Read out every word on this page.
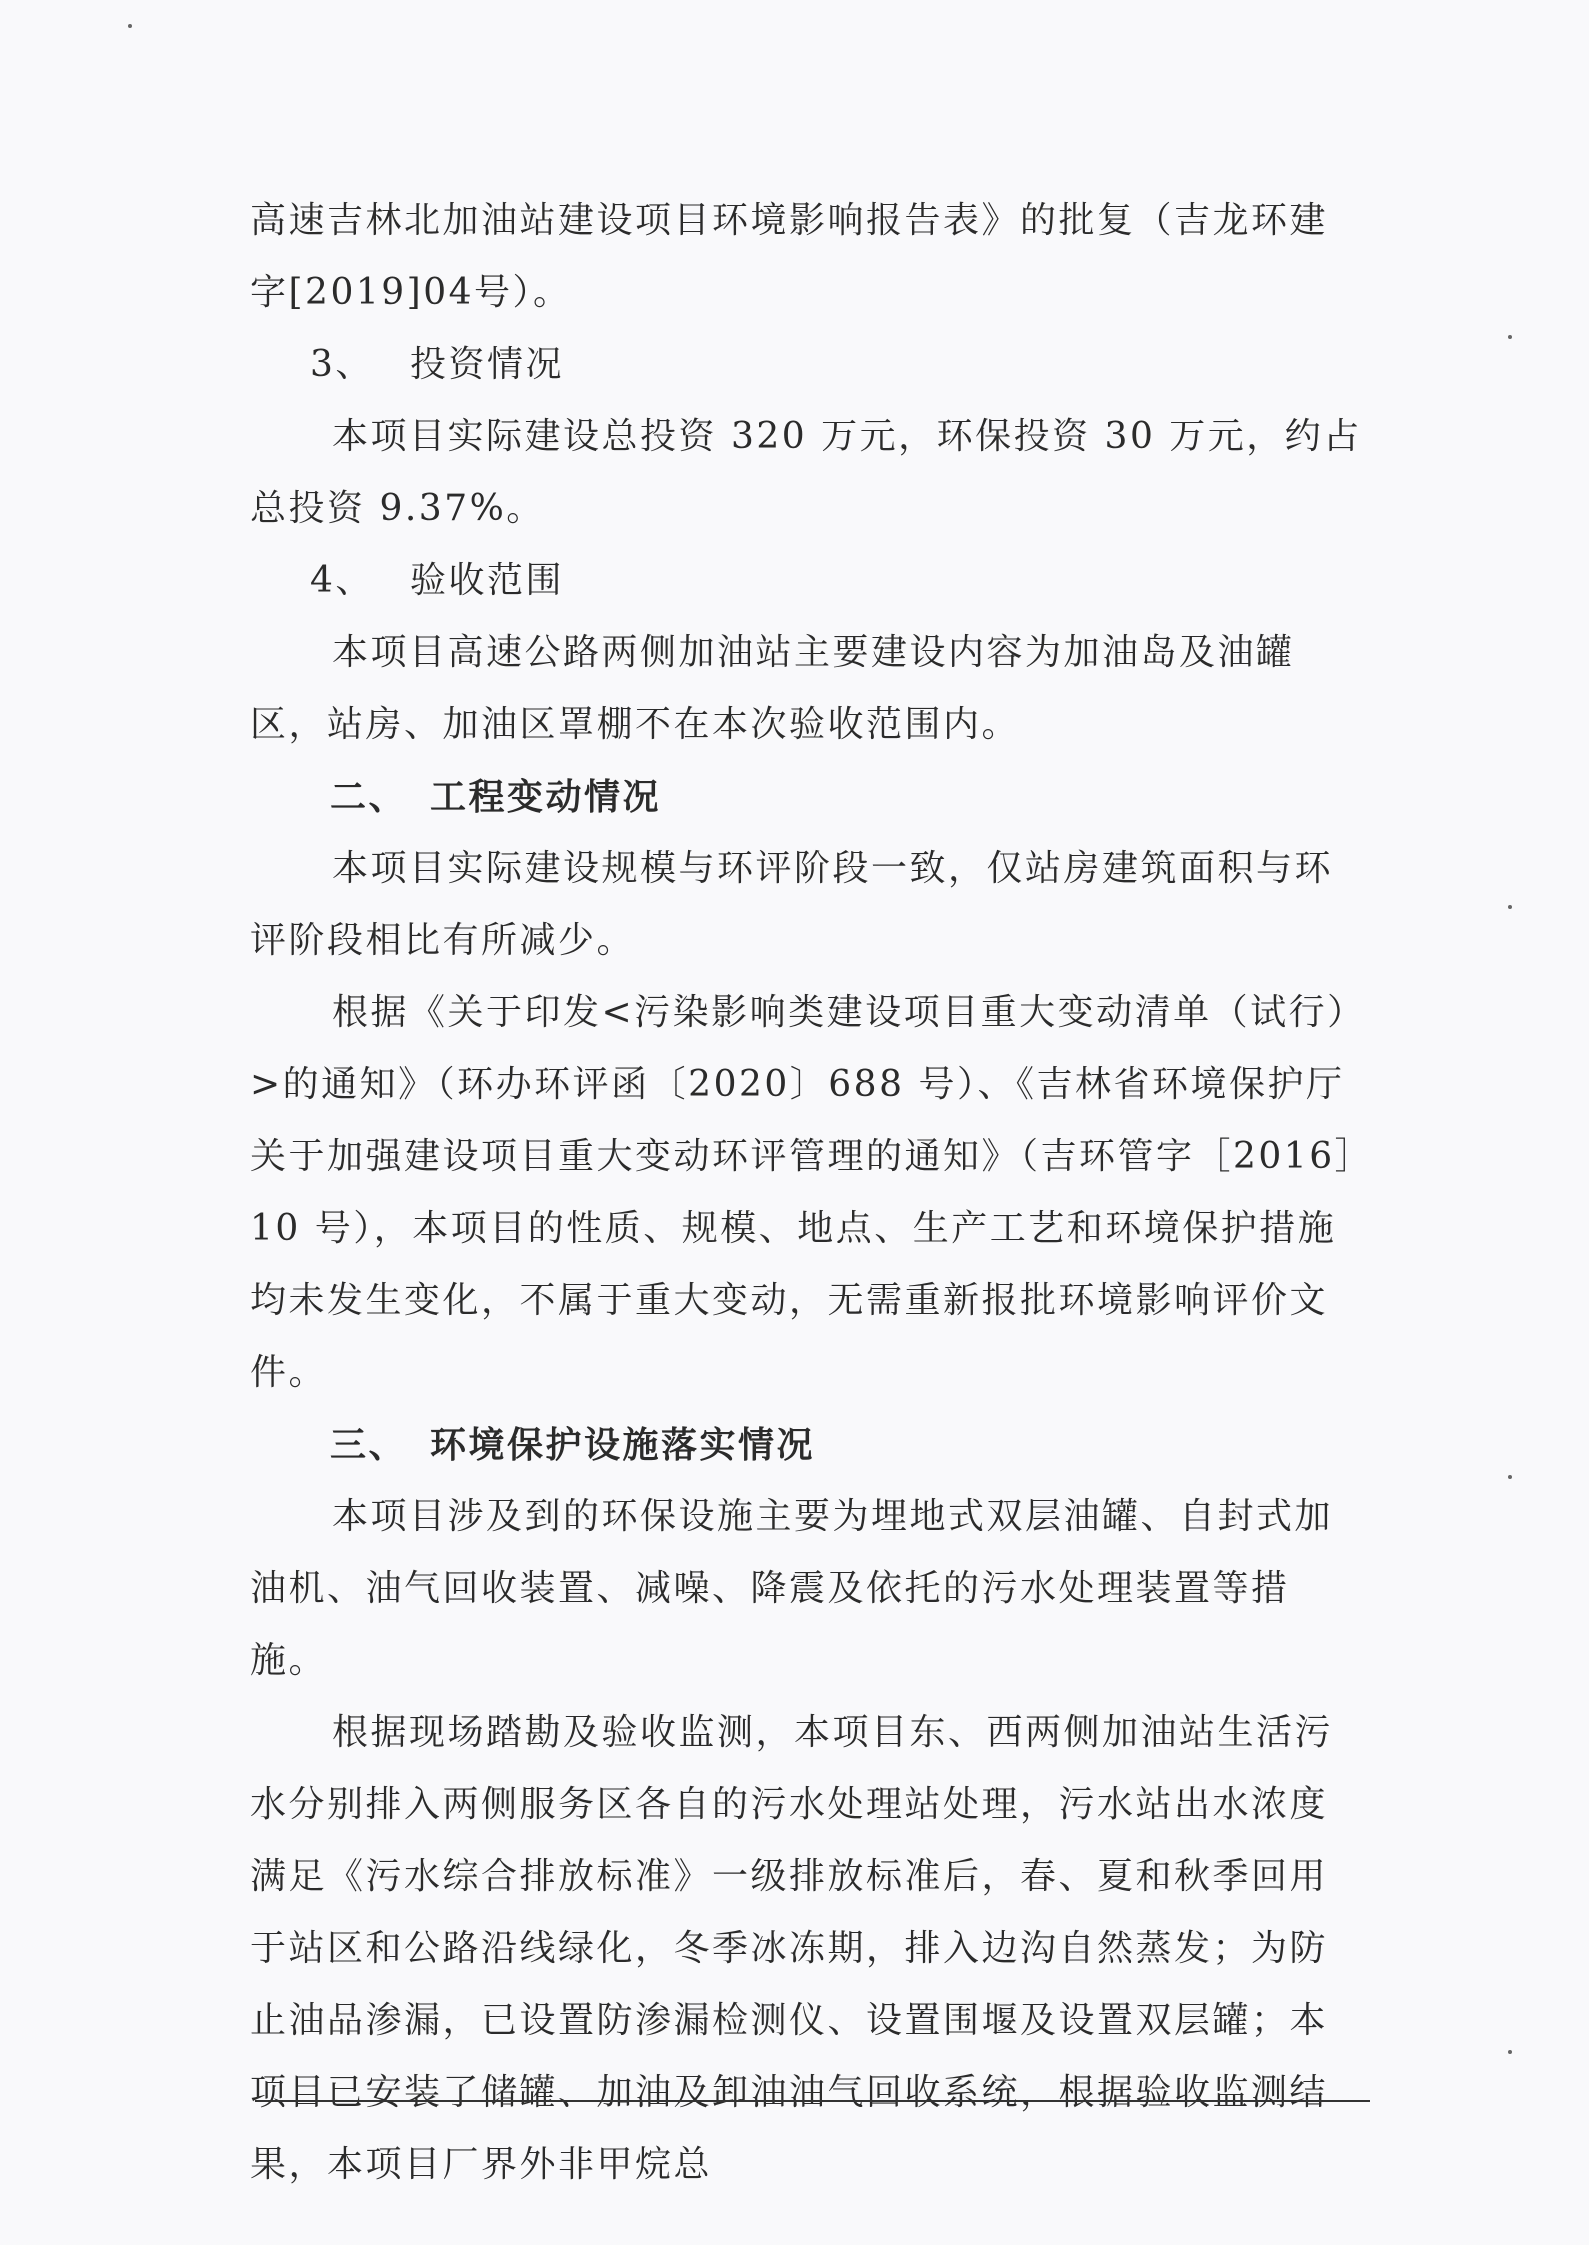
高速吉林北加油站建设项目环境影响报告表》的批复（吉龙环建字[2019]04号）。

3、 投资情况

本项目实际建设总投资 320 万元，环保投资 30 万元，约占总投资 9.37%。

4、 验收范围

本项目高速公路两侧加油站主要建设内容为加油岛及油罐区，站房、加油区罩棚不在本次验收范围内。

二、 工程变动情况

本项目实际建设规模与环评阶段一致，仅站房建筑面积与环评阶段相比有所减少。

根据《关于印发<污染影响类建设项目重大变动清单（试行）>的通知》（环办环评函〔2020〕688 号）、《吉林省环境保护厅关于加强建设项目重大变动环评管理的通知》（吉环管字［2016］10 号），本项目的性质、规模、地点、生产工艺和环境保护措施均未发生变化，不属于重大变动，无需重新报批环境影响评价文件。

三、 环境保护设施落实情况

本项目涉及到的环保设施主要为埋地式双层油罐、自封式加油机、油气回收装置、减噪、降震及依托的污水处理装置等措施。

根据现场踏勘及验收监测，本项目东、西两侧加油站生活污水分别排入两侧服务区各自的污水处理站处理，污水站出水浓度满足《污水综合排放标准》一级排放标准后，春、夏和秋季回用于站区和公路沿线绿化，冬季冰冻期，排入边沟自然蒸发；为防止油品渗漏，已设置防渗漏检测仪、设置围堰及设置双层罐；本项目已安装了储罐、加油及卸油油气回收系统，根据验收监测结果，本项目厂界外非甲烷总
